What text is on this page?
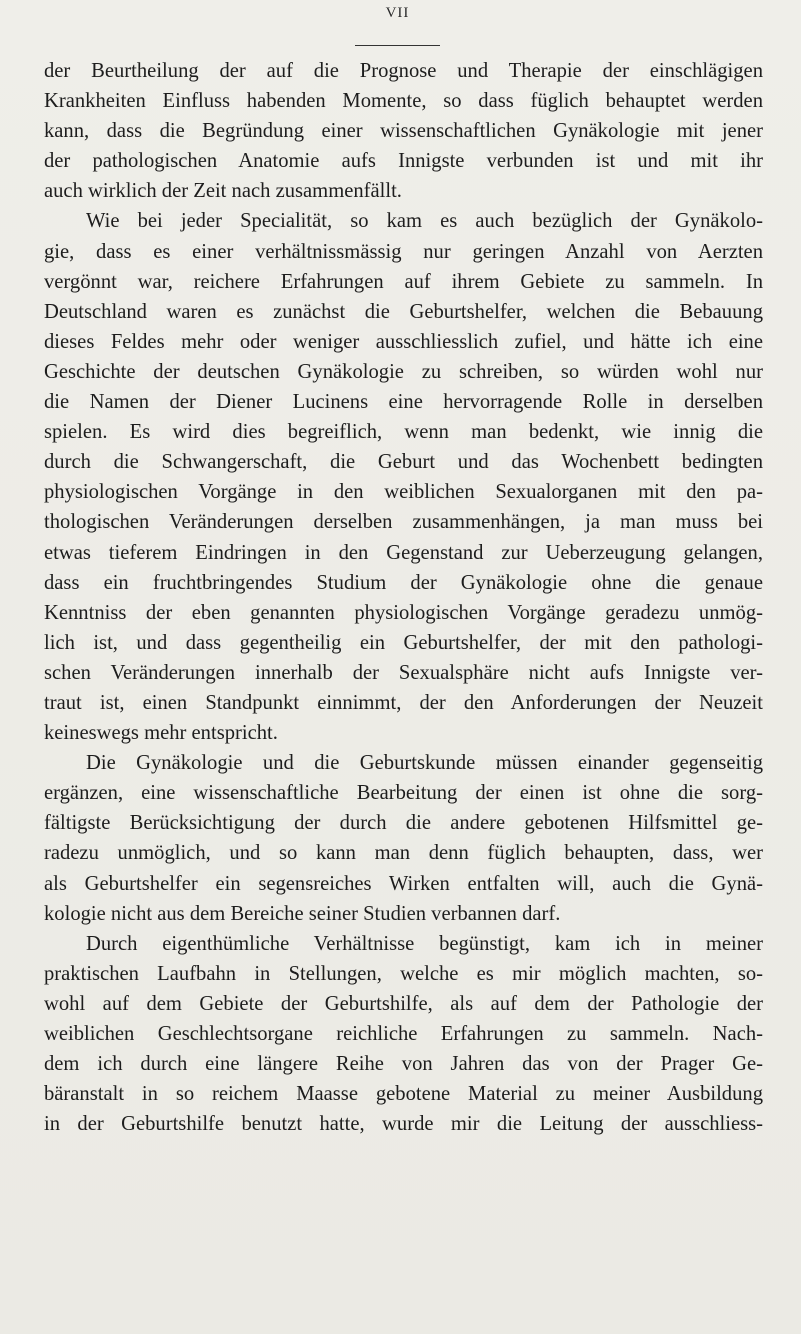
VII
der Beurtheilung der auf die Prognose und Therapie der einschlägigen
Krankheiten Einfluss habenden Momente, so dass füglich behauptet werden
kann, dass die Begründung einer wissenschaftlichen Gynäkologie mit jener
der pathologischen Anatomie aufs Innigste verbunden ist und mit ihr
auch wirklich der Zeit nach zusammenfällt.
Wie bei jeder Specialität, so kam es auch bezüglich der Gynäkolo-
gie, dass es einer verhältnissmässig nur geringen Anzahl von Aerzten
vergönnt war, reichere Erfahrungen auf ihrem Gebiete zu sammeln. In
Deutschland waren es zunächst die Geburtshelfer, welchen die Bebauung
dieses Feldes mehr oder weniger ausschliesslich zufiel, und hätte ich eine
Geschichte der deutschen Gynäkologie zu schreiben, so würden wohl nur
die Namen der Diener Lucinens eine hervorragende Rolle in derselben
spielen. Es wird dies begreiflich, wenn man bedenkt, wie innig die
durch die Schwangerschaft, die Geburt und das Wochenbett bedingten
physiologischen Vorgänge in den weiblichen Sexualorganen mit den pa-
thologischen Veränderungen derselben zusammenhängen, ja man muss bei
etwas tieferem Eindringen in den Gegenstand zur Ueberzeugung gelangen,
dass ein fruchtbringendes Studium der Gynäkologie ohne die genaue
Kenntniss der eben genannten physiologischen Vorgänge geradezu unmög-
lich ist, und dass gegentheilig ein Geburtshelfer, der mit den pathologi-
schen Veränderungen innerhalb der Sexualsphäre nicht aufs Innigste ver-
traut ist, einen Standpunkt einnimmt, der den Anforderungen der Neuzeit
keineswegs mehr entspricht.
Die Gynäkologie und die Geburtskunde müssen einander gegenseitig
ergänzen, eine wissenschaftliche Bearbeitung der einen ist ohne die sorg-
fältigste Berücksichtigung der durch die andere gebotenen Hilfsmittel ge-
radezu unmöglich, und so kann man denn füglich behaupten, dass, wer
als Geburtshelfer ein segensreiches Wirken entfalten will, auch die Gynä-
kologie nicht aus dem Bereiche seiner Studien verbannen darf.
Durch eigenthümliche Verhältnisse begünstigt, kam ich in meiner
praktischen Laufbahn in Stellungen, welche es mir möglich machten, so-
wohl auf dem Gebiete der Geburtshilfe, als auf dem der Pathologie der
weiblichen Geschlechtsorgane reichliche Erfahrungen zu sammeln. Nach-
dem ich durch eine längere Reihe von Jahren das von der Prager Ge-
bäranstalt in so reichem Maasse gebotene Material zu meiner Ausbildung
in der Geburtshilfe benutzt hatte, wurde mir die Leitung der ausschliess-
